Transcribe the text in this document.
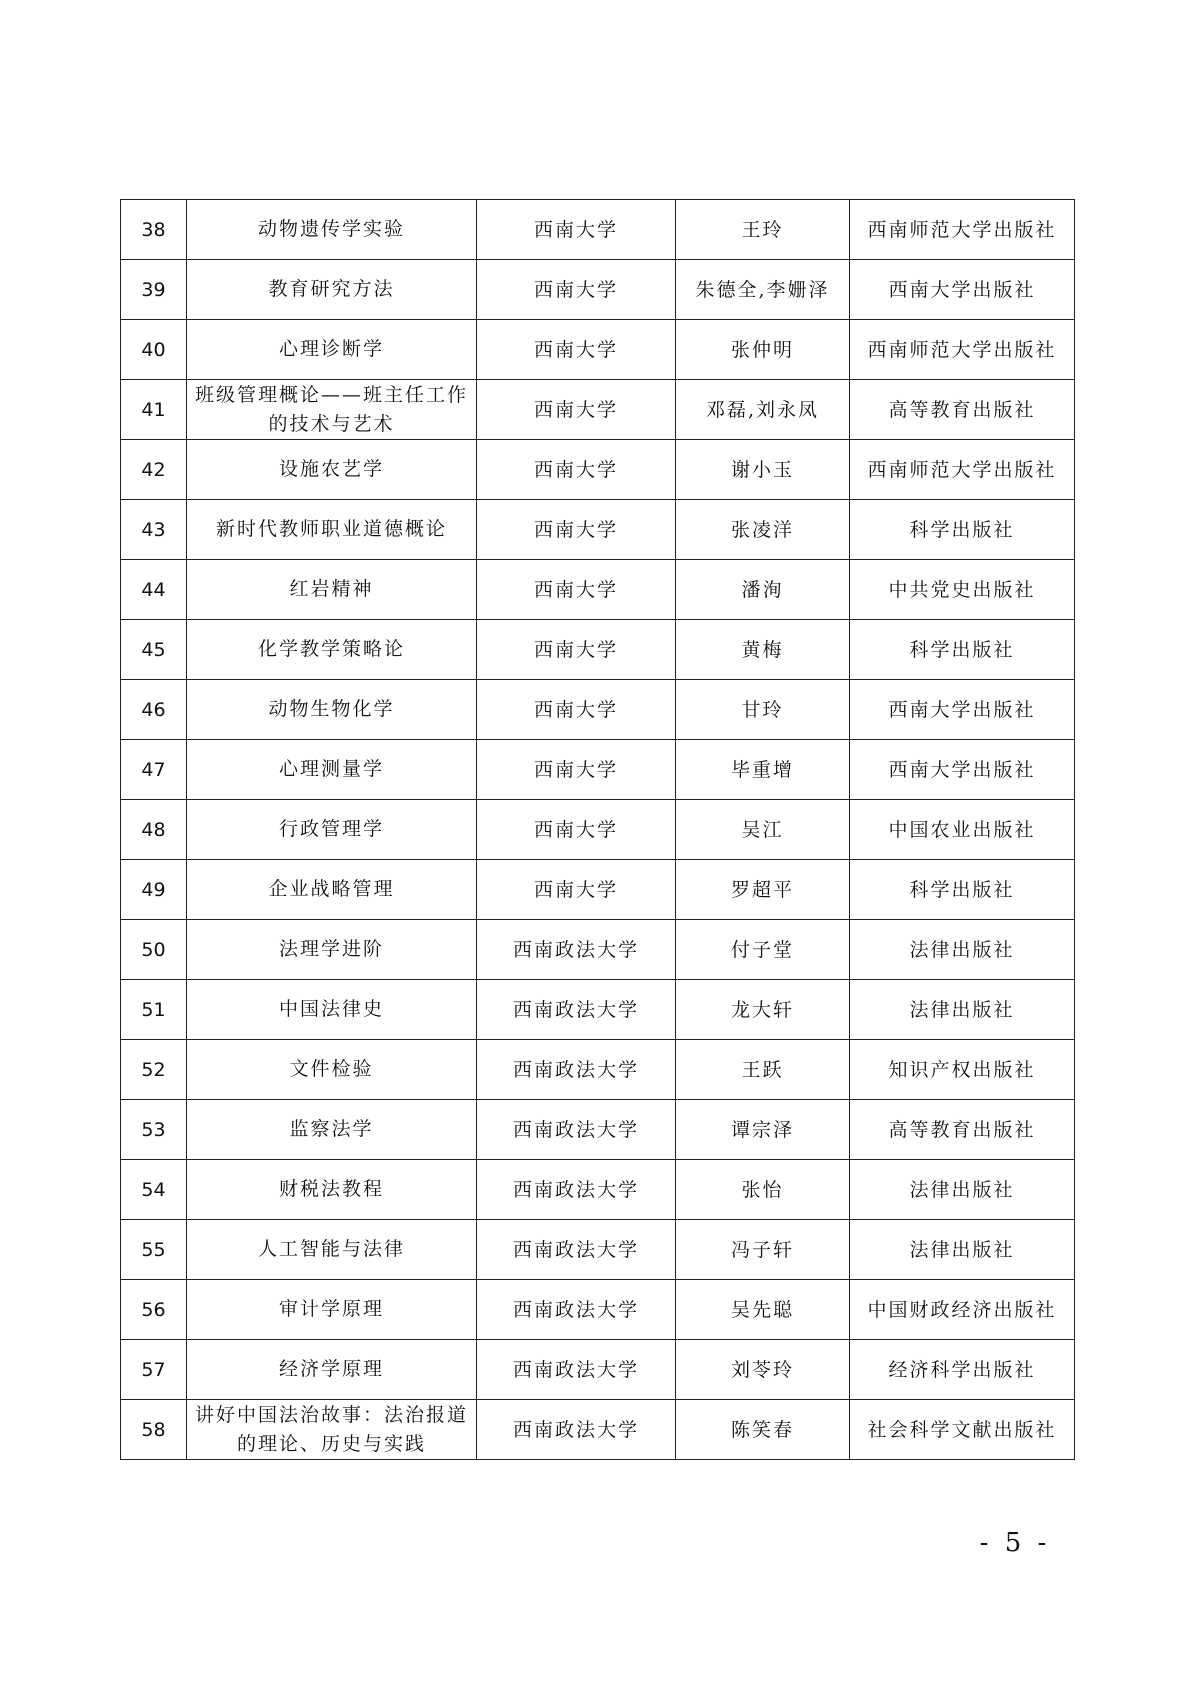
38	动物遗传学实验	西南大学	王玲	西南师范大学出版社
39	教育研究方法	西南大学	朱德全,李姗泽	西南大学出版社
40	心理诊断学	西南大学	张仲明	西南师范大学出版社
41	班级管理概论——班主任工作的技术与艺术	西南大学	邓磊,刘永凤	高等教育出版社
42	设施农艺学	西南大学	谢小玉	西南师范大学出版社
43	新时代教师职业道德概论	西南大学	张凌洋	科学出版社
44	红岩精神	西南大学	潘洵	中共党史出版社
45	化学教学策略论	西南大学	黄梅	科学出版社
46	动物生物化学	西南大学	甘玲	西南大学出版社
47	心理测量学	西南大学	毕重增	西南大学出版社
48	行政管理学	西南大学	吴江	中国农业出版社
49	企业战略管理	西南大学	罗超平	科学出版社
50	法理学进阶	西南政法大学	付子堂	法律出版社
51	中国法律史	西南政法大学	龙大轩	法律出版社
52	文件检验	西南政法大学	王跃	知识产权出版社
53	监察法学	西南政法大学	谭宗泽	高等教育出版社
54	财税法教程	西南政法大学	张怡	法律出版社
55	人工智能与法律	西南政法大学	冯子轩	法律出版社
56	审计学原理	西南政法大学	吴先聪	中国财政经济出版社
57	经济学原理	西南政法大学	刘苓玲	经济科学出版社
58	讲好中国法治故事：法治报道的理论、历史与实践	西南政法大学	陈笑春	社会科学文献出版社
- 5 -
